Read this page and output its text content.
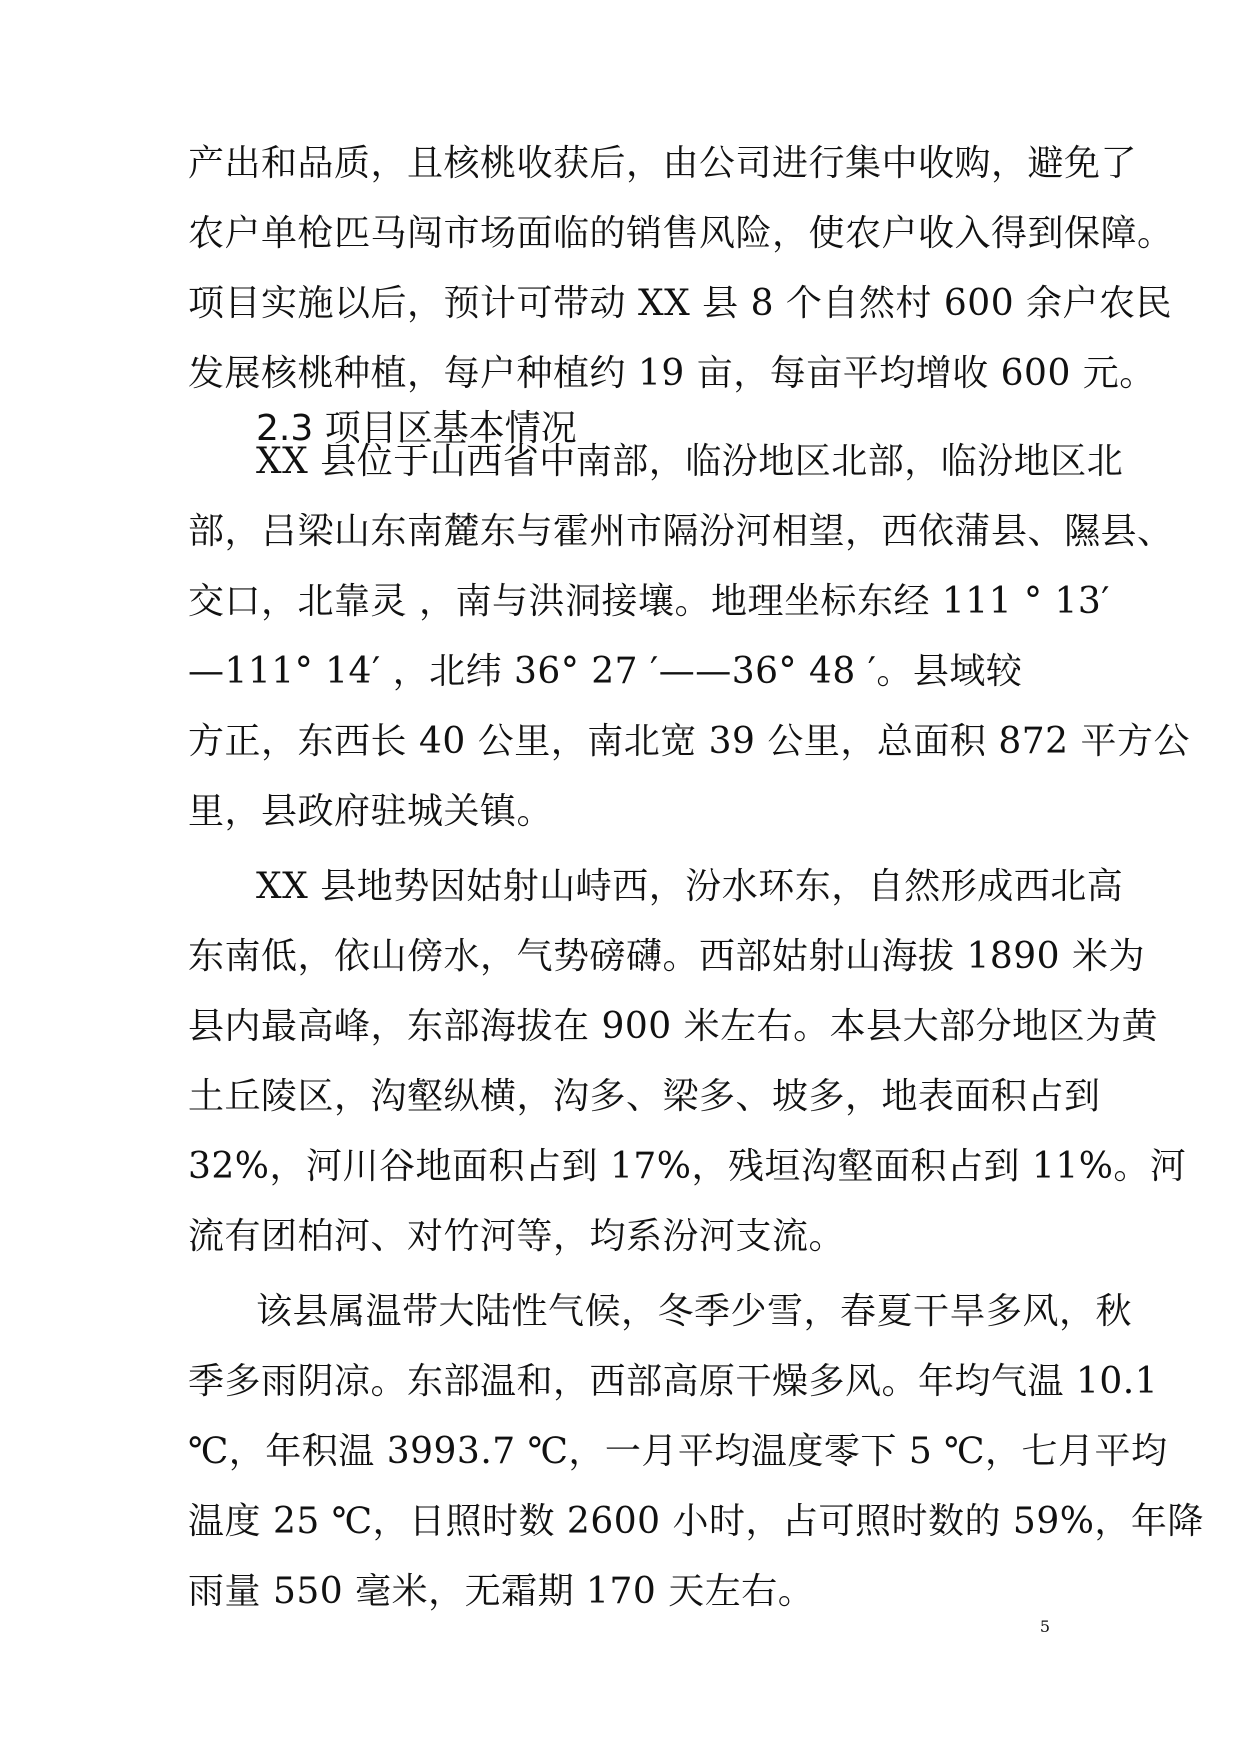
产出和品质，且核桃收获后，由公司进行集中收购，避免了
农户单枪匹马闯市场面临的销售风险，使农户收入得到保障。
项目实施以后，预计可带动 XX 县 8 个自然村 600 余户农民
发展核桃种植，每户种植约 19 亩，每亩平均增收 600 元。
2.3 项目区基本情况
XX 县位于山西省中南部，临汾地区北部，临汾地区北
部，吕梁山东南麓东与霍州市隔汾河相望，西依蒲县、隰县、
交口，北靠灵 ，南与洪洞接壤。地理坐标东经 111 ° 13′
—111° 14′ ，北纬 36° 27 ′——36° 48 ′。县域较
方正，东西长 40 公里，南北宽 39 公里，总面积 872 平方公
里，县政府驻城关镇。
XX 县地势因姑射山峙西，汾水环东，自然形成西北高
东南低，依山傍水，气势磅礴。西部姑射山海拔 1890 米为
县内最高峰，东部海拔在 900 米左右。本县大部分地区为黄
土丘陵区，沟壑纵横，沟多、梁多、坡多，地表面积占到
32%，河川谷地面积占到 17%，残垣沟壑面积占到 11%。河
流有团柏河、对竹河等，均系汾河支流。
该县属温带大陆性气候，冬季少雪，春夏干旱多风，秋
季多雨阴凉。东部温和，西部高原干燥多风。年均气温 10.1
℃，年积温 3993.7 ℃，一月平均温度零下 5 ℃，七月平均
温度 25 ℃，日照时数 2600 小时，占可照时数的 59%，年降
雨量 550 毫米，无霜期 170 天左右。
5
